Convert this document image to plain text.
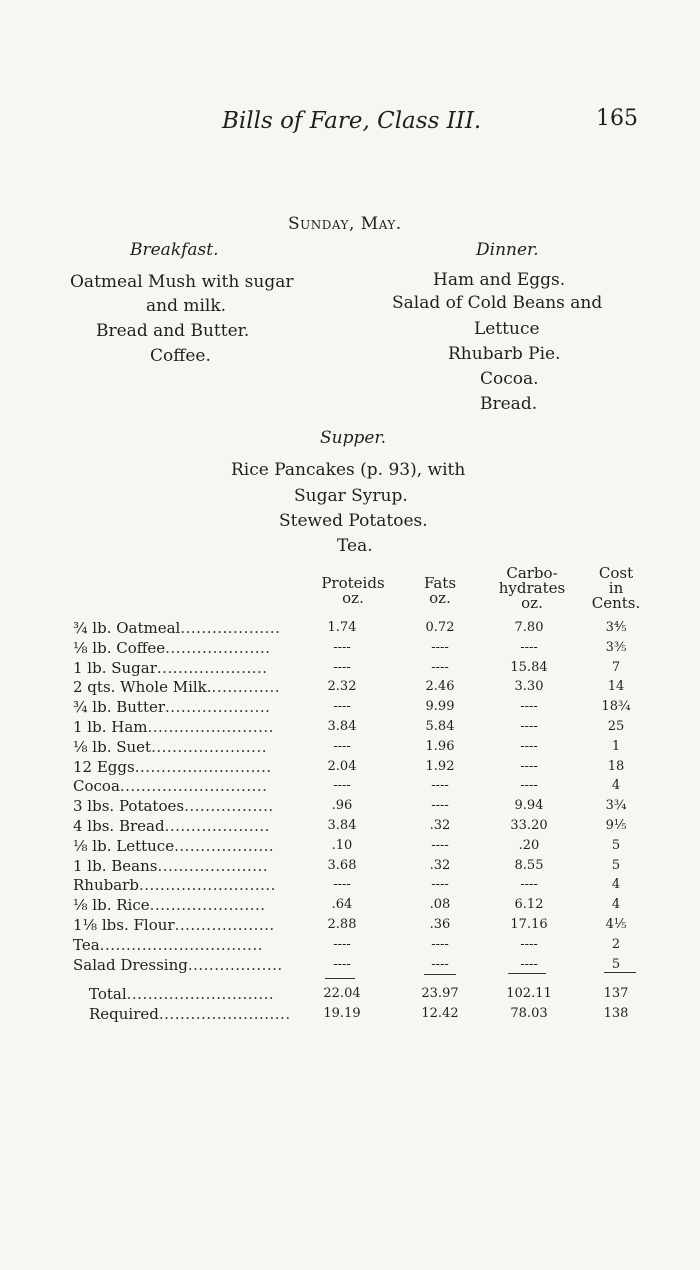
Bills of Fare, Class III.	165
Sunday, May.
Breakfast.
Oatmeal Mush with sugar
and milk.
Bread and Butter.
Coffee.
Dinner.
Ham and Eggs.
Salad of Cold Beans and
Lettuce
Rhubarb Pie.
Cocoa.
Bread.
Supper.
Rice Pancakes (p. 93), with
Sugar Syrup.
Stewed Potatoes.
Tea.
Proteids
oz.
Fats
oz.
Carbo-
hydrates
oz.
Cost
in
Cents.
¾ lb. Oatmeal...................	1.74	0.72	7.80	3⅘
⅛ lb. Coffee....................	----	----	----	3⅗
1 lb. Sugar.....................	----	----	15.84	7
2 qts. Whole Milk..............	2.32	2.46	3.30	14
¾ lb. Butter....................	----	9.99	----	18¾
1 lb. Ham........................	3.84	5.84	----	25
⅛ lb. Suet......................	----	1.96	----	1
12 Eggs..........................	2.04	1.92	----	18
Cocoa............................	----	----	----	4
3 lbs. Potatoes.................	.96	----	9.94	3¾
4 lbs. Bread....................	3.84	.32	33.20	9⅕
⅛ lb. Lettuce...................	.10	----	.20	5
1 lb. Beans.....................	3.68	.32	8.55	5
Rhubarb..........................	----	----	----	4
⅛ lb. Rice......................	.64	.08	6.12	4
1⅛ lbs. Flour...................	2.88	.36	17.16	4⅕
Tea...............................	----	----	----	2
Salad Dressing..................	----	----	----	5
Total............................	22.04	23.97	102.11	137
Required.........................	19.19	12.42	78.03	138
